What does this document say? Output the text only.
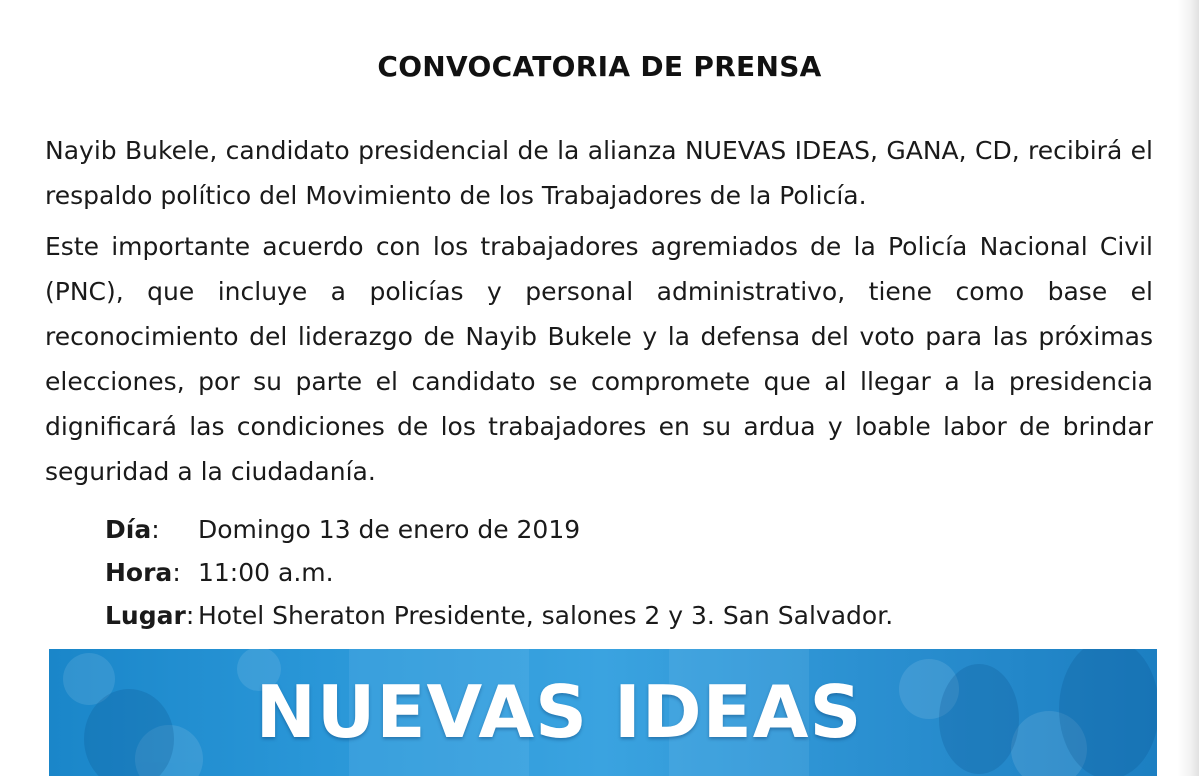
CONVOCATORIA DE PRENSA

Nayib Bukele, candidato presidencial de la alianza NUEVAS IDEAS, GANA, CD, recibirá el respaldo político del Movimiento de los Trabajadores de la Policía.

Este importante acuerdo con los trabajadores agremiados de la Policía Nacional Civil (PNC), que incluye a policías y personal administrativo, tiene como base el reconocimiento del liderazgo de Nayib Bukele y la defensa del voto para las próximas elecciones, por su parte el candidato se compromete que al llegar a la presidencia dignificará las condiciones de los trabajadores en su ardua y loable labor de brindar seguridad a la ciudadanía.

Día:	Domingo 13 de enero de 2019
Hora: 11:00 a.m.
Lugar: Hotel Sheraton Presidente, salones 2 y 3. San Salvador.
NUEVAS IDEAS
